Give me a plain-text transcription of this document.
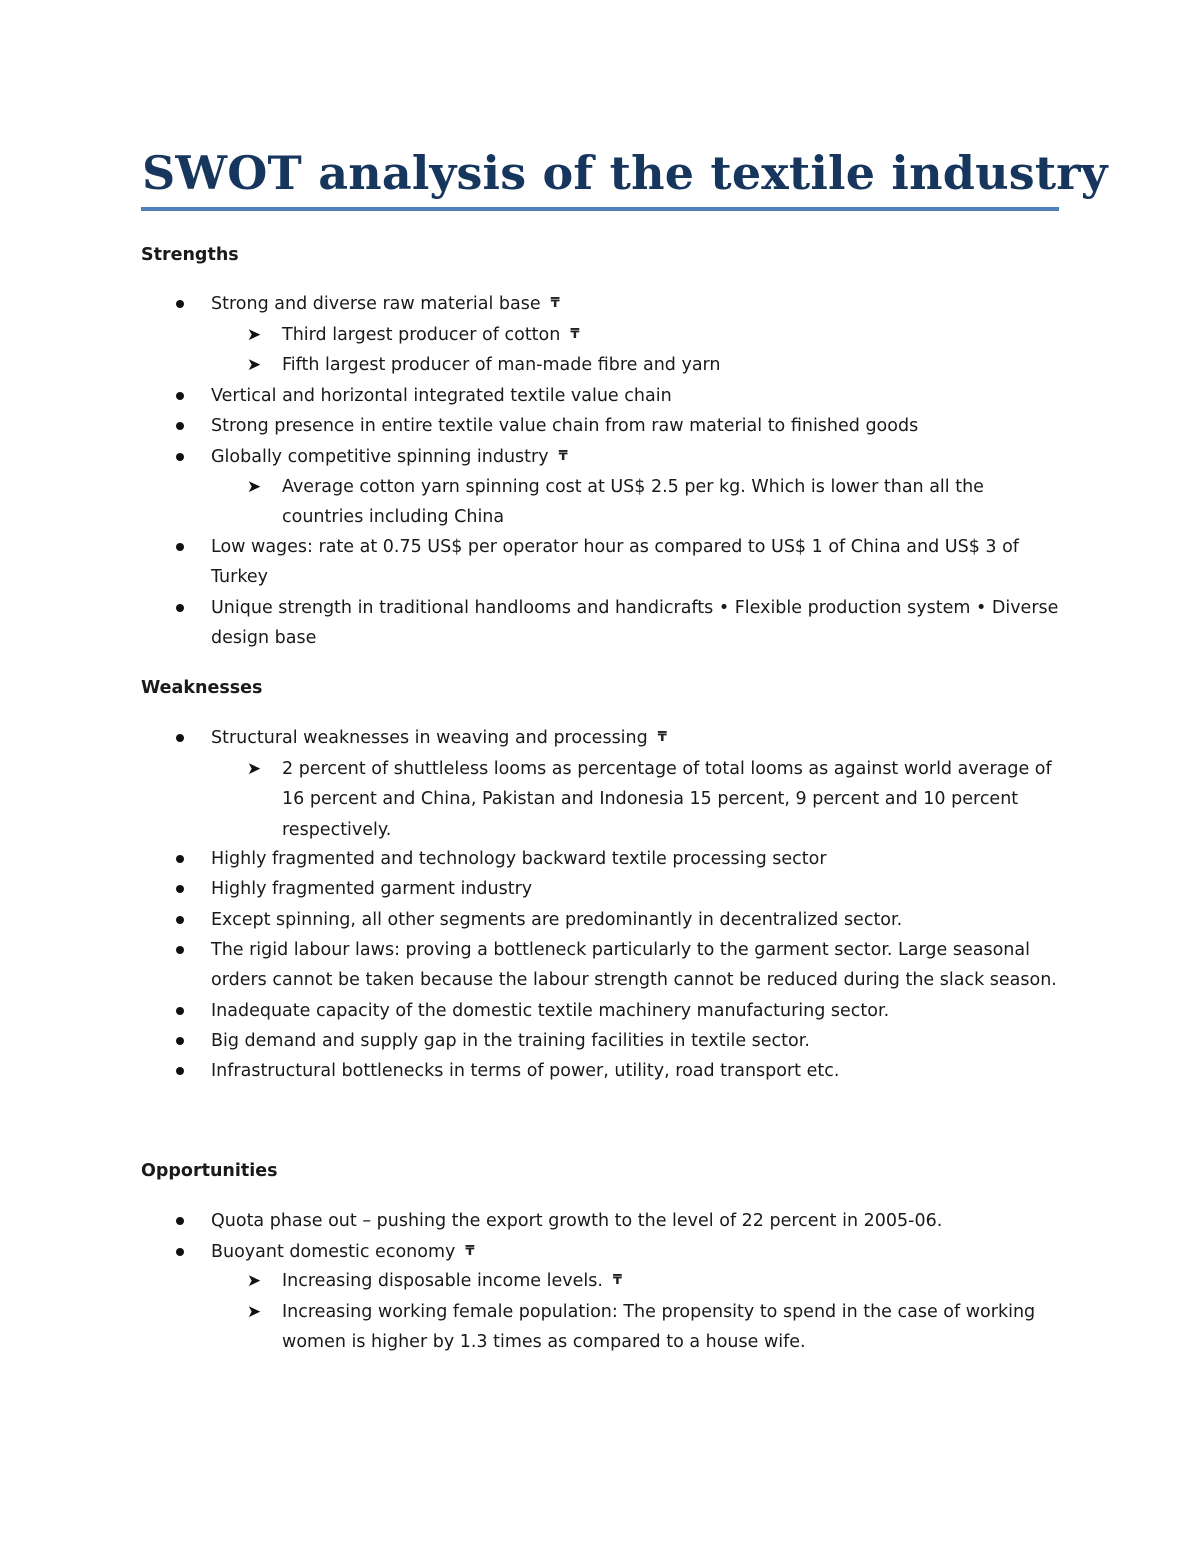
SWOT analysis of the textile industry
Strengths
Weaknesses
Opportunities
Strong and diverse raw material base ₸
➤ Third largest producer of cotton ₸
➤ Fifth largest producer of man-made fibre and yarn
Vertical and horizontal integrated textile value chain
Strong presence in entire textile value chain from raw material to finished goods
Globally competitive spinning industry ₸
➤ Average cotton yarn spinning cost at US$ 2.5 per kg. Which is lower than all the
countries including China
Low wages: rate at 0.75 US$ per operator hour as compared to US$ 1 of China and US$ 3 of
Turkey
Unique strength in traditional handlooms and handicrafts • Flexible production system • Diverse
design base
Structural weaknesses in weaving and processing ₸
➤ 2 percent of shuttleless looms as percentage of total looms as against world average of
16 percent and China, Pakistan and Indonesia 15 percent, 9 percent and 10 percent
respectively.
Highly fragmented and technology backward textile processing sector
Highly fragmented garment industry
Except spinning, all other segments are predominantly in decentralized sector.
The rigid labour laws: proving a bottleneck particularly to the garment sector. Large seasonal
orders cannot be taken because the labour strength cannot be reduced during the slack season.
Inadequate capacity of the domestic textile machinery manufacturing sector.
Big demand and supply gap in the training facilities in textile sector.
Infrastructural bottlenecks in terms of power, utility, road transport etc.
Quota phase out – pushing the export growth to the level of 22 percent in 2005-06.
Buoyant domestic economy ₸
➤ Increasing disposable income levels. ₸
➤ Increasing working female population: The propensity to spend in the case of working
women is higher by 1.3 times as compared to a house wife.
